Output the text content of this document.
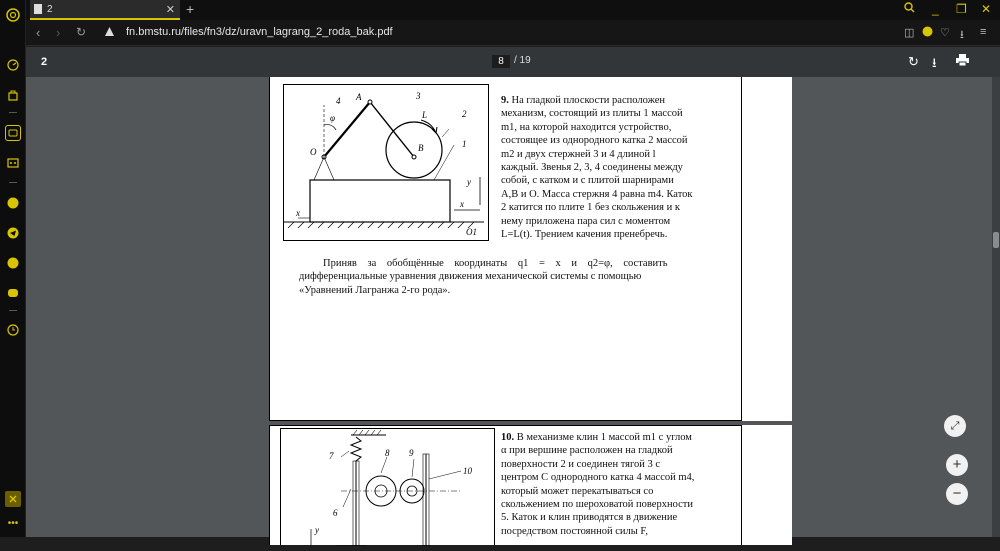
•••
2	✕ +	_ ❐ ✕
‹ › ↻	fn.bmstu.ru/files/fn3/dz/uravn_lagrang_2_roda_bak.pdf	◫ ♡ ⭳ ≡
2	8	/ 19	↻ ⭳
4 A	3
φ	L	2
O	B	1
y
x
x
O1
9. На гладкой плоскости расположен
механизм, состоящий из плиты 1 массой
m1, на которой находится устройство,
состоящее из однородного катка 2 массой
m2 и двух стержней 3 и 4 длиной l
каждый. Звенья 2, 3, 4 соединены между
собой, с катком и с плитой шарнирами
A,B и O. Масса стержня 4 равна m4. Каток
2 катится по плите 1 без скольжения и к
нему приложена пара сил с моментом
L=L(t). Трением качения пренебречь.
Приняв за обобщённые координаты q1 = x и q2=φ, составить
дифференциальные уравнения движения механической системы с помощью
«Уравнений Лагранжа 2-го рода».
7	8 9
10
6
y
10. В механизме клин 1 массой m1 с углом
α при вершине расположен на гладкой
поверхности 2 и соединен тягой 3 с
центром C однородного катка 4 массой m4,
который может перекатываться со
скольжением по шероховатой поверхности
5. Каток и клин приводятся в движение
посредством постоянной силы F,
⤢
+
−
